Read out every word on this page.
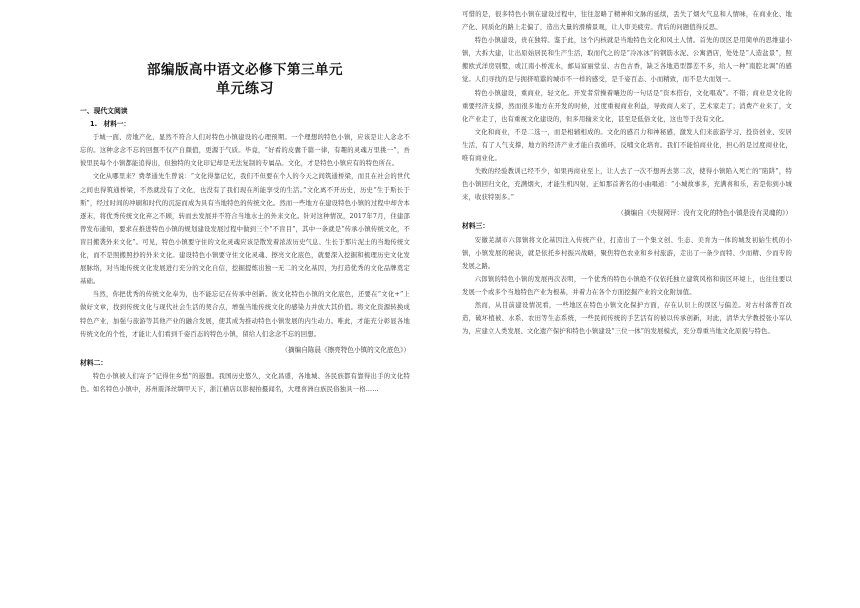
部编版高中语文必修下第三单元
单元练习
一、现代文阅读
1.　材料一：

于城一面、房地产化，显然不符合人们对特色小镇建设的心理预期。一个理想的特色小镇，应该是让人念念不忘的。这种念念不忘的回想不仅产自颜值，更源于气质。毕竟，“好看的皮囊千篇一律，有趣的灵魂万里挑一”，吾彼里民每个小镇都能追得出，但独特的文化印记却是无法复制的专属品。文化，才是特色小镇应有的特色所在。

文化从哪里来？费孝通先生曾说：“文化得靠记忆，我们不但要在个人的今天之间筑通桥梁，而且在社会的世代之间也得筑通桥梁，不然就没有了文化，也没有了我们现在所能享受的生活。”文化离不开历史，历史“生于斯长于斯”，经过时间的冲刷和时代的沉淀而成为具有当地特色的传统文化。然而一些地方在建设特色小镇的过程中却舍本逐末，将优秀传统文化弃之不顾，转而去发展并不符合当地水土的外来文化。针对这种情况，2017年7月，住建部曾发布通知，要求在推进特色小镇的规划建设发展过程中做到三个“不盲目”，其中一条就是“传承小镇传统文化，不盲目搬袭外来文化”。可见，特色小镇要守住的文化灵魂应该是散发着浓浓历史气息、生长于那片泥土的当地传统文化，而不是照搬照抄的外来文化。建设特色小镇要守住文化灵魂、擦亮文化底色，就要深入挖掘和梳理历史文化发展脉络，对当地传统文化发展进行充分的文化自信，挖掘提炼出独一无二的文化基因，为打造优秀的文化品牌奠定基础。

当然，你把优秀的传统文化奉为，也不能忘记在传承中创新。彼文化特色小镇的文化底色，还要在“文化+”上做好文章，找到传统文化与现代社会生活的契合点，增强当地传统文化的感染力并放大其价值。将文化资源转换成特色产业，加强与旅游等其他产业的融合发展，使其成为推动特色小镇发展的内生动力。唯此，才能充分彰显各地传统文化的个性，才能让人们看到千姿百态的特色小镇，留给人们念念不忘的回想。

（摘编自陈晨《擦亮特色小镇的文化底色》）
材料二：

特色小镇被人们寄予“记得住乡愁”的遐想。我国历史悠久，文化昌盛，各地城、各民族都有靠得出手的文化特色。如名特色小镇中，苏州震泽丝绸甲天下，浙江横店以影视拍摄闻名，大理喜洲白族民俗独具一格……

可惜的是，很多特色小镇在建设过程中，往往忽略了精神和文脉的延续，丢失了烟火气息和人情味，在商业化、地产化、同质化的路上走偏了，造出大量的滑稽景观，让人审美疲劳。背后的问题值得反思。

特色小镇建设，贵在独特。鉴于此，这个内核就是当地特色文化和风土人情。首先的误区是用简单的思维建小镇，大拆大建，让出原始居民和生产生活，取而代之的是“冷冰冰”的钢筋水泥、公寓酒店，处处是“人造盆景”，照搬欧式洋房别墅，或江南小桥流水，邮局富丽堂皇、古色古香，缺乏各地造型都差不多，给人一种“南腔北调”的感觉。人们寻找的是与拥挤喧嚣的城市不一样的感受，是千姿百态、小而精致，而不是大而划一。

特色小镇建设，重商业，轻文化。开发者常操着嚷边的一句话是“资本搭台，文化唱戏”。不错；商业是文化的重要经济支撑，然而很多地方在开发的时候，过度重视商业利益，导致商人来了，艺术家走了；消费产业来了，文化产业走了，也有重视文化建设的，但多用输来文化，甚至是低俗文化，这也等于没有文化。

文化和商业，不是二选一，而是相辅相成的。文化的感召力和神秘感，激发人们来旅游学习、投资创业、安居生活，有了人气支撑，地方的经济产业才能自我循环，反哺文化培育。我们不能怕商业化，担心的是过度商业化，唯有商业化。

失败的经验教训已经不少，如果再商业至上，让人去了一次不想再去第二次，使得小镇陷入死亡的“陷阱”，特色小镇回归文化，充满烟火，才能生机四射，正如那首著名的小曲唱道：“小城故事多，充满喜和乐，若是你到小城来，收获特别多。”

（摘编自《央视网评：没有文化的特色小镇是没有灵魂的》）
材料三：

安徽芜湖市六郎镇将文化基因注入传统产业，打造出了一个集文创、生态、美育为一体的城发初始生机的小镇，小镇发展的秘诀，就是依托乡村振兴战略，聚焦特色农业和乡村旅游，走出了一条少而特、少而精、少而专的发展之路。

六郎镇的特色小镇的发展再次表明，一个优秀的特色小镇绝不仅依托独立建筑风格和街区环境上，也往往要以发展一个或多个当地特色产业为根基，并着力在各个方面挖掘产业的文化附加值。

然而，从目前建设情况看，一些地区在特色小镇文化保护方面，存在认识上的误区与偏差。对古村落普百改造，破坏植被、水系、农田等生态系统，一些民间传统的手艺活有的被以传承创新，对此，清华大学教授张小军认为，应建立人类发展、文化遗产保护和特色小镇建设“三位一体”的发展模式，充分尊重当地文化原貌与特色。
